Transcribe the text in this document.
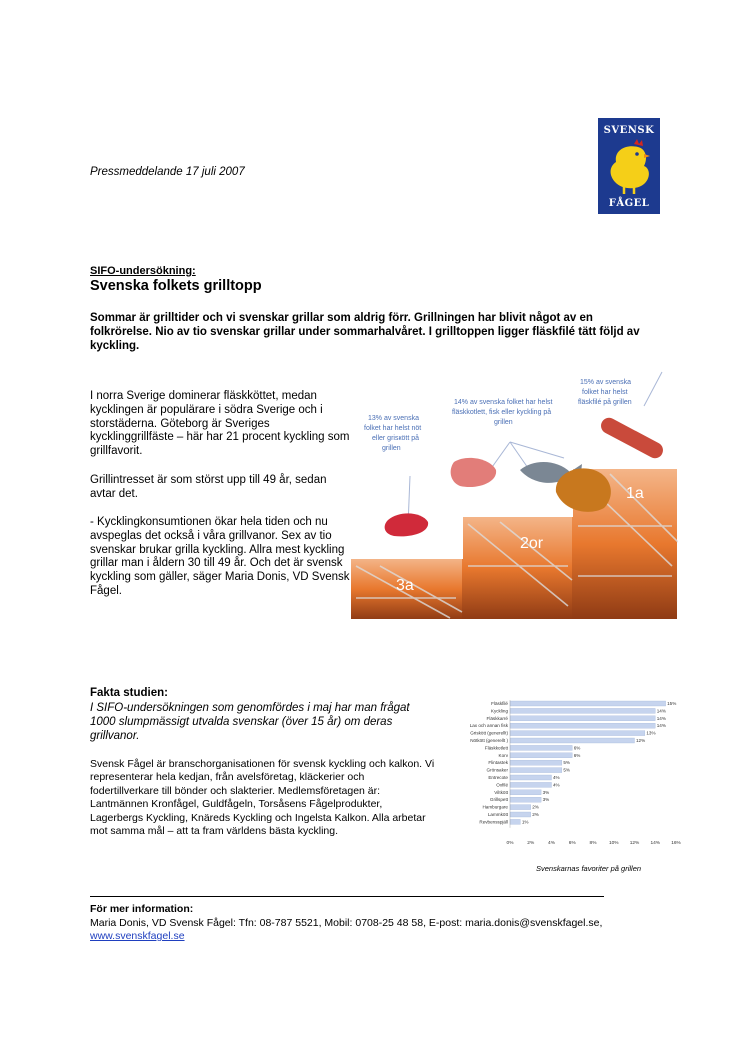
Pressmeddelande 17 juli 2007
SVENSK
FÅGEL
SIFO-undersökning:
Svenska folkets grilltopp
Sommar är grilltider och vi svenskar grillar som aldrig förr. Grillningen har blivit något av en folkrörelse. Nio av tio svenskar grillar under sommarhalvåret. I grilltoppen ligger fläskfilé tätt följd av kyckling.
I norra Sverige dominerar fläskköttet, medan kycklingen är populärare i södra Sverige och i storstäderna. Göteborg är Sveriges kycklinggrillfäste – här har 21 procent kyckling som grillfavorit.
Grillintresset är som störst upp till 49 år, sedan avtar det.
- Kycklingkonsumtionen ökar hela tiden och nu avspeglas det också i våra grillvanor. Sex av tio svenskar brukar grilla kyckling. Allra mest kyckling grillar man i åldern 30 till 49 år. Och det är svensk kyckling som gäller, säger Maria Donis, VD Svensk Fågel.
1a
2or
3a
15% av svenska
folket har helst
fläskfilé på grillen
14% av svenska folket har helst
fläskkotlett, fisk eller kyckling på
grillen
13% av svenska
folket har helst nöt
eller grisкött på
grillen
Fakta studien:
I SIFO-undersökningen som genomfördes i maj har man frågat 1000 slumpmässigt utvalda svenskar (över 15 år) om deras grillvanor.
Svensk Fågel är branschorganisationen för svensk kyckling och kalkon. Vi representerar hela kedjan, från avelsföretag, kläckerier och fodertillverkare till bönder och slakterier. Medlemsföretagen är: Lantmännen Kronfågel, Guldfågeln, Torsåsens Fågelprodukter, Lagerbergs Kyckling, Knäreds Kyckling och Ingelsta Kalkon. Alla arbetar mot samma mål – att ta fram världens bästa kyckling.
Fläskfilé	15%
Kyckling	14%
Fläskkarré	14%
Lax och annan fisk	14%
Griskött (generellt)	13%
Nötkött (generellt )	12%
Fläskkotlett	6%
Korv	6%
Flintastek	5%
Grönsaker	5%
Entrecote	4%
Oxfilé	4%
Viltkött	3%
Grillspett	3%
Hamburgare	2%
Lammkött	2%
Revbensspjäll	1%
0%	2%	4%	6%	8%	10% 12% 14% 16%
Svenskarnas favoriter på grillen
För mer information:
Maria Donis, VD Svensk Fågel: Tfn: 08-787 5521, Mobil: 0708-25 48 58, E-post: maria.donis@svenskfagel.se,
www.svenskfagel.se
